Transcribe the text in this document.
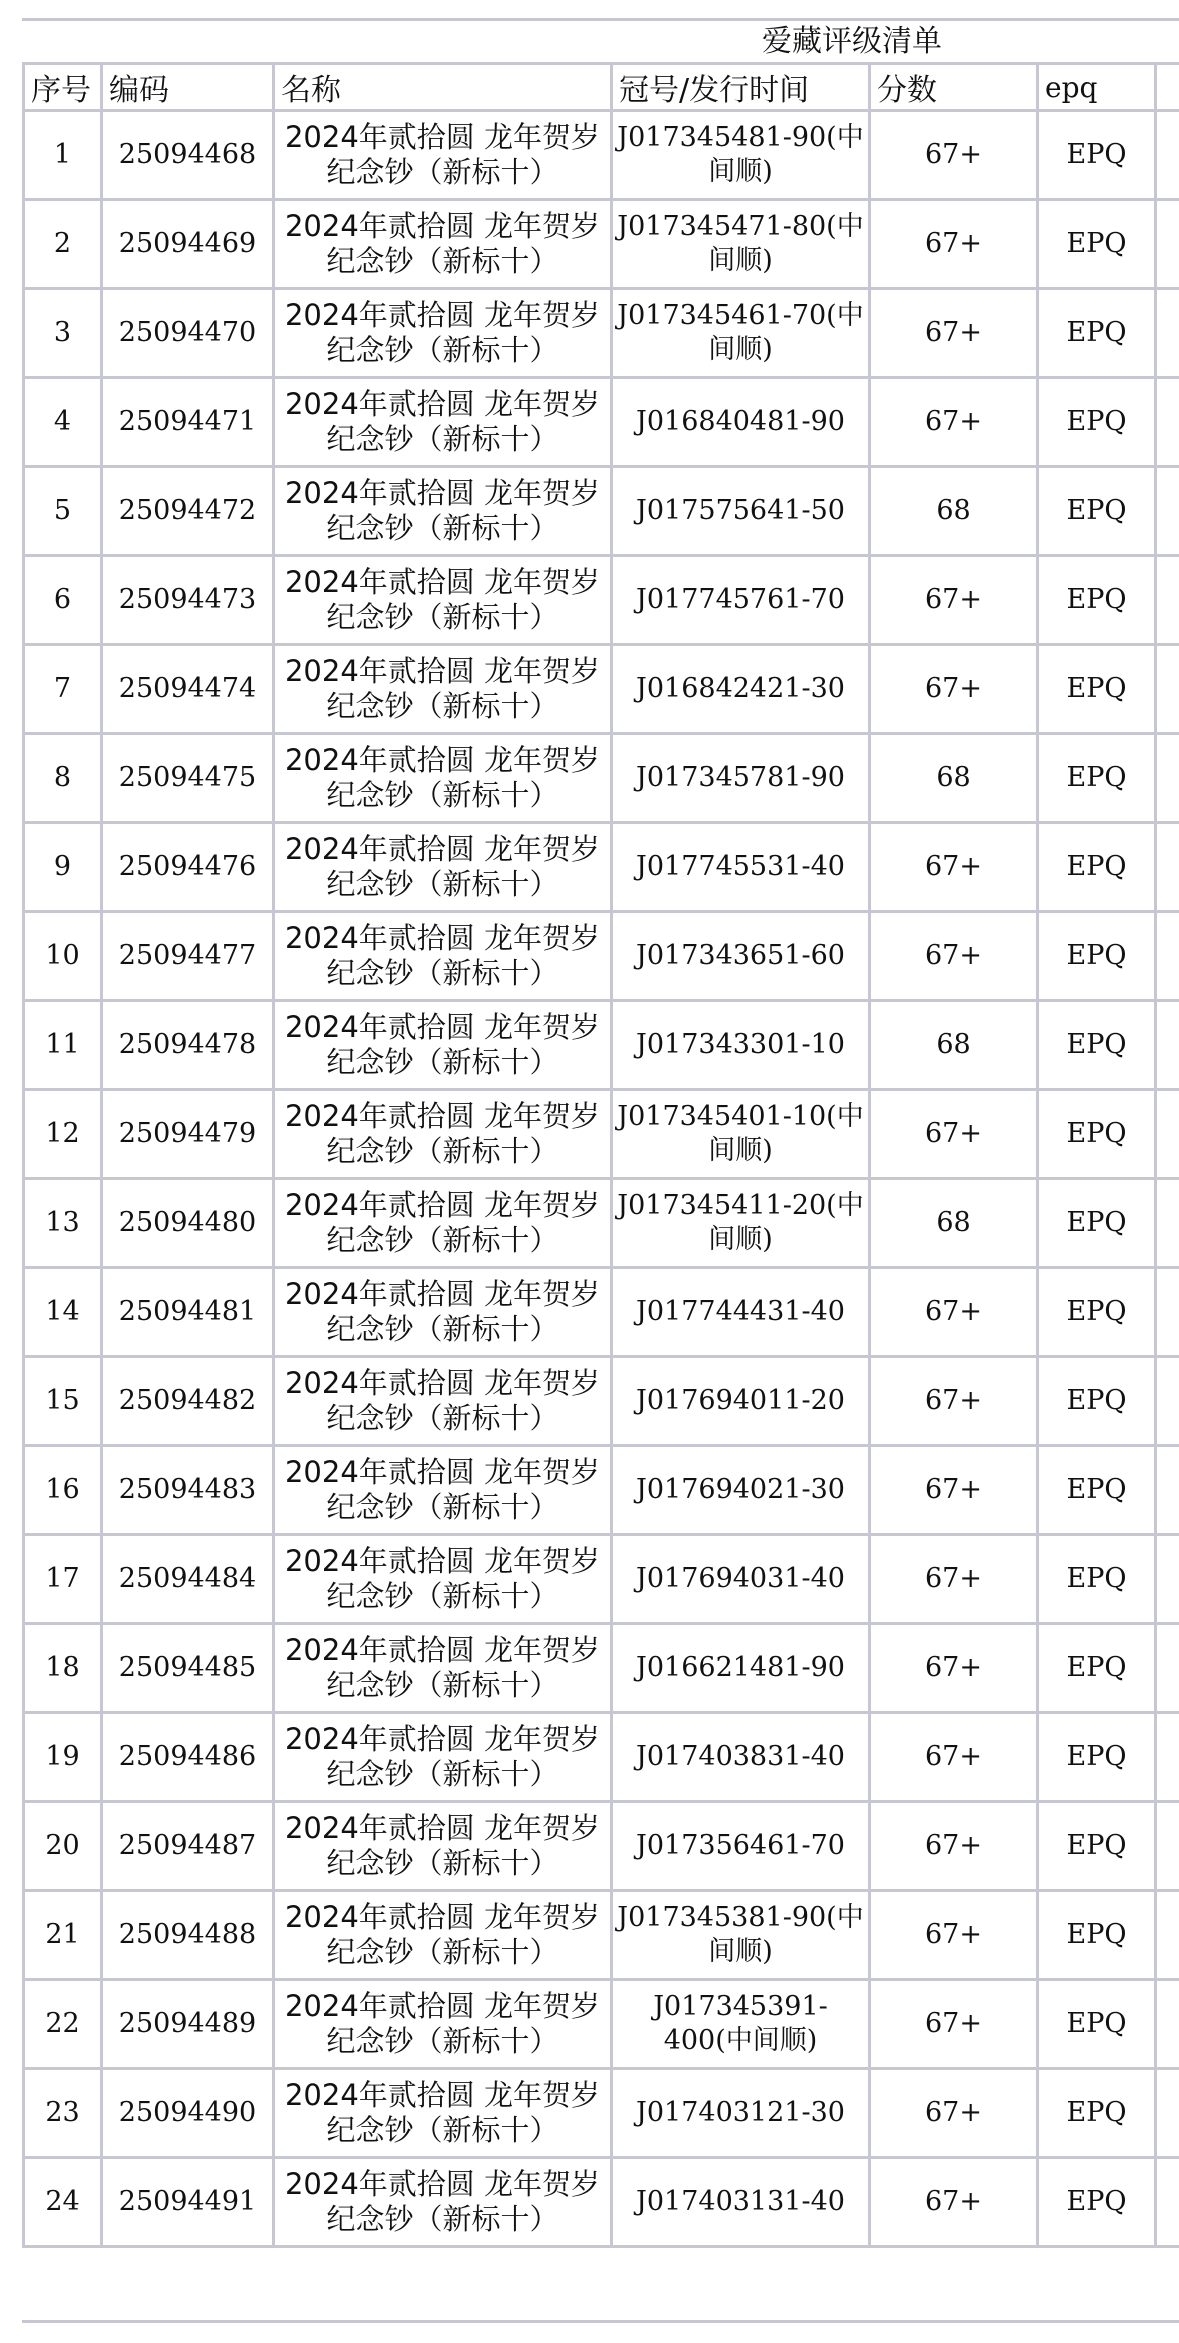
爱藏评级清单
序号	编码	名称	冠号/发行时间	分数	epq	
1	25094468	2024年贰拾圆 龙年贺岁纪念钞（新标十）	J017345481-90(中间顺)	67+	EPQ	
2	25094469	2024年贰拾圆 龙年贺岁纪念钞（新标十）	J017345471-80(中间顺)	67+	EPQ	
3	25094470	2024年贰拾圆 龙年贺岁纪念钞（新标十）	J017345461-70(中间顺)	67+	EPQ	
4	25094471	2024年贰拾圆 龙年贺岁纪念钞（新标十）	J016840481-90	67+	EPQ	
5	25094472	2024年贰拾圆 龙年贺岁纪念钞（新标十）	J017575641-50	68	EPQ	
6	25094473	2024年贰拾圆 龙年贺岁纪念钞（新标十）	J017745761-70	67+	EPQ	
7	25094474	2024年贰拾圆 龙年贺岁纪念钞（新标十）	J016842421-30	67+	EPQ	
8	25094475	2024年贰拾圆 龙年贺岁纪念钞（新标十）	J017345781-90	68	EPQ	
9	25094476	2024年贰拾圆 龙年贺岁纪念钞（新标十）	J017745531-40	67+	EPQ	
10	25094477	2024年贰拾圆 龙年贺岁纪念钞（新标十）	J017343651-60	67+	EPQ	
11	25094478	2024年贰拾圆 龙年贺岁纪念钞（新标十）	J017343301-10	68	EPQ	
12	25094479	2024年贰拾圆 龙年贺岁纪念钞（新标十）	J017345401-10(中间顺)	67+	EPQ	
13	25094480	2024年贰拾圆 龙年贺岁纪念钞（新标十）	J017345411-20(中间顺)	68	EPQ	
14	25094481	2024年贰拾圆 龙年贺岁纪念钞（新标十）	J017744431-40	67+	EPQ	
15	25094482	2024年贰拾圆 龙年贺岁纪念钞（新标十）	J017694011-20	67+	EPQ	
16	25094483	2024年贰拾圆 龙年贺岁纪念钞（新标十）	J017694021-30	67+	EPQ	
17	25094484	2024年贰拾圆 龙年贺岁纪念钞（新标十）	J017694031-40	67+	EPQ	
18	25094485	2024年贰拾圆 龙年贺岁纪念钞（新标十）	J016621481-90	67+	EPQ	
19	25094486	2024年贰拾圆 龙年贺岁纪念钞（新标十）	J017403831-40	67+	EPQ	
20	25094487	2024年贰拾圆 龙年贺岁纪念钞（新标十）	J017356461-70	67+	EPQ	
21	25094488	2024年贰拾圆 龙年贺岁纪念钞（新标十）	J017345381-90(中间顺)	67+	EPQ	
22	25094489	2024年贰拾圆 龙年贺岁纪念钞（新标十）	J017345391-400(中间顺)	67+	EPQ	
23	25094490	2024年贰拾圆 龙年贺岁纪念钞（新标十）	J017403121-30	67+	EPQ	
24	25094491	2024年贰拾圆 龙年贺岁纪念钞（新标十）	J017403131-40	67+	EPQ	
